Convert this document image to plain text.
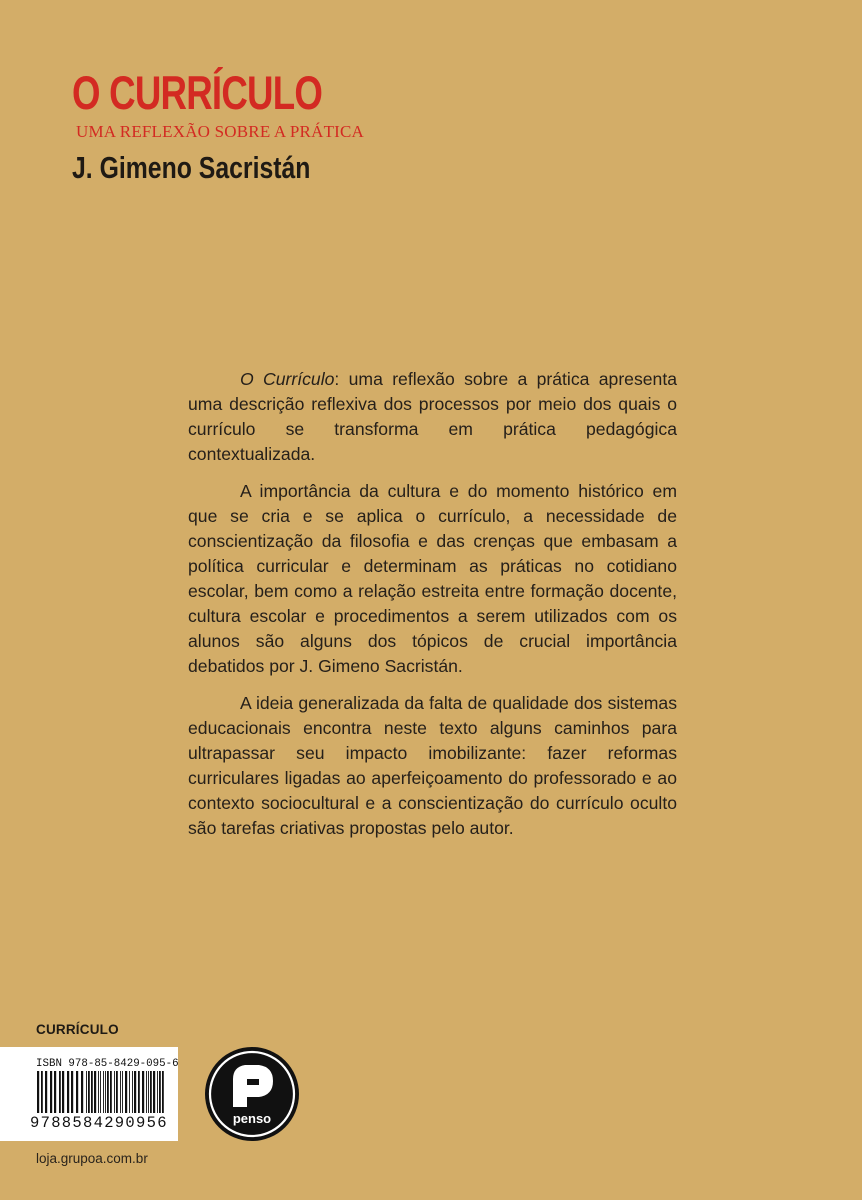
O CURRÍCULO
UMA REFLEXÃO SOBRE A PRÁTICA
J. Gimeno Sacristán

O Currículo: uma reflexão sobre a prática apresenta uma descrição reflexiva dos processos por meio dos quais o currículo se transforma em prática pedagógica contextualizada.

A importância da cultura e do momento histórico em que se cria e se aplica o currículo, a necessidade de conscientização da filosofia e das crenças que embasam a política curricular e determinam as práticas no cotidiano escolar, bem como a relação estreita entre formação docente, cultura escolar e procedimentos a serem utilizados com os alunos são alguns dos tópicos de crucial importância debatidos por J. Gimeno Sacristán.

A ideia generalizada da falta de qualidade dos sistemas educacionais encontra neste texto alguns caminhos para ultrapassar seu impacto imobilizante: fazer reformas curriculares ligadas ao aperfeiçoamento do professorado e ao contexto sociocultural e a conscientização do currículo oculto são tarefas criativas propostas pelo autor.

CURRÍCULO
ISBN 978-85-8429-095-6
9788584290956	penso
loja.grupoa.com.br
